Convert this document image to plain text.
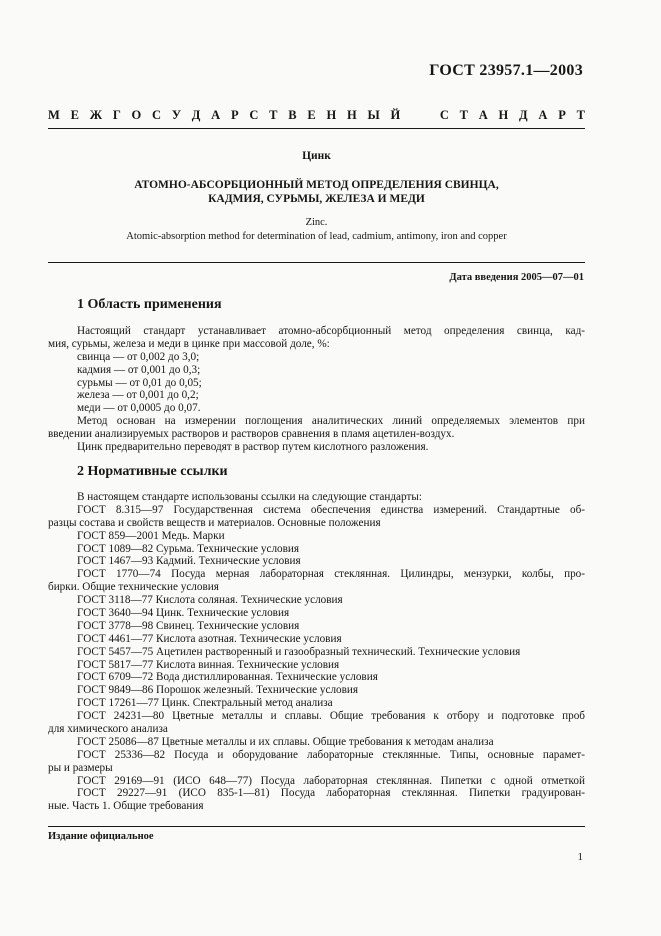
ГОСТ 23957.1—2003

М Е Ж Г О С У Д А Р С Т В Е Н Н Ы Й	С Т А Н Д А Р Т

Цинк

АТОМНО-АБСОРБЦИОННЫЙ МЕТОД ОПРЕДЕЛЕНИЯ СВИНЦА,
КАДМИЯ, СУРЬМЫ, ЖЕЛЕЗА И МЕДИ
Zinc.
Atomic-absorption method for determination of lead, cadmium, antimony, iron and copper

Дата введения 2005—07—01

1 Область применения
Настоящий стандарт устанавливает атомно-абсорбционный метод определения свинца, кад-
мия, сурьмы, железа и меди в цинке при массовой доле, %:
свинца — от 0,002 до 3,0;
кадмия — от 0,001 до 0,3;
сурьмы — от 0,01 до 0,05;
железа — от 0,001 до 0,2;
меди — от 0,0005 до 0,07.
Метод основан на измерении поглощения аналитических линий определяемых элементов при
введении анализируемых растворов и растворов сравнения в пламя ацетилен-воздух.
Цинк предварительно переводят в раствор путем кислотного разложения.
2 Нормативные ссылки
В настоящем стандарте использованы ссылки на следующие стандарты:
ГОСТ 8.315—97 Государственная система обеспечения единства измерений. Стандартные об-
разцы состава и свойств веществ и материалов. Основные положения
ГОСТ 859—2001 Медь. Марки
ГОСТ 1089—82 Сурьма. Технические условия
ГОСТ 1467—93 Кадмий. Технические условия
ГОСТ 1770—74 Посуда мерная лабораторная стеклянная. Цилиндры, мензурки, колбы, про-
бирки. Общие технические условия
ГОСТ 3118—77 Кислота соляная. Технические условия
ГОСТ 3640—94 Цинк. Технические условия
ГОСТ 3778—98 Свинец. Технические условия
ГОСТ 4461—77 Кислота азотная. Технические условия
ГОСТ 5457—75 Ацетилен растворенный и газообразный технический. Технические условия
ГОСТ 5817—77 Кислота винная. Технические условия
ГОСТ 6709—72 Вода дистиллированная. Технические условия
ГОСТ 9849—86 Порошок железный. Технические условия
ГОСТ 17261—77 Цинк. Спектральный метод анализа
ГОСТ 24231—80 Цветные металлы и сплавы. Общие требования к отбору и подготовке проб
для химического анализа
ГОСТ 25086—87 Цветные металлы и их сплавы. Общие требования к методам анализа
ГОСТ 25336—82 Посуда и оборудование лабораторные стеклянные. Типы, основные парамет-
ры и размеры
ГОСТ 29169—91 (ИСО 648—77) Посуда лабораторная стеклянная. Пипетки с одной отметкой
ГОСТ 29227—91 (ИСО 835-1—81) Посуда лабораторная стеклянная. Пипетки градуирован-
ные. Часть 1. Общие требования

Издание официальное

1
